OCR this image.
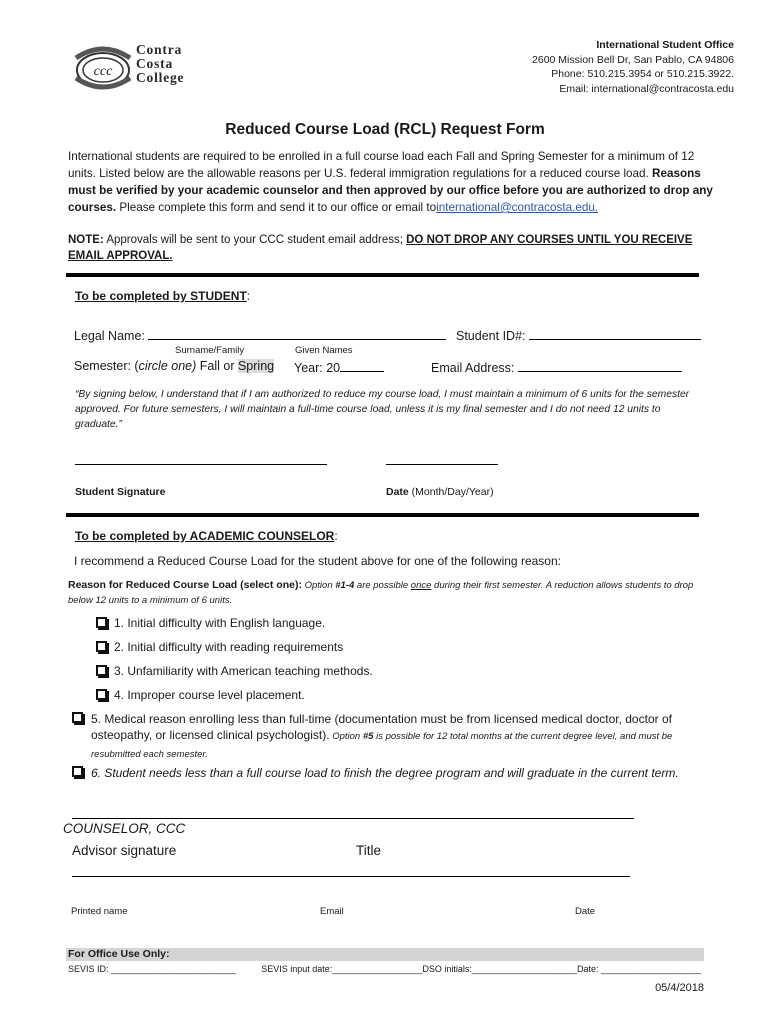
ccc
Contra
Costa
College
International Student Office
2600 Mission Bell Dr, San Pablo, CA 94806
Phone: 510.215.3954 or 510.215.3922.
Email: international@contracosta.edu
Reduced Course Load (RCL) Request Form
International students are required to be enrolled in a full course load each Fall and Spring Semester for a minimum of 12 units. Listed below are the allowable reasons per U.S. federal immigration regulations for a reduced course load. Reasons must be verified by your academic counselor and then approved by our office before you are authorized to drop any courses. Please complete this form and send it to our office or email tointernational@contracosta.edu.
NOTE: Approvals will be sent to your CCC student email address; DO NOT DROP ANY COURSES UNTIL YOU RECEIVE EMAIL APPROVAL.
To be completed by STUDENT:
Legal Name:	Student ID#:
Surname/Family	Given Names
Semester: (circle one) Fall or Spring Year: 20	Email Address:
“By signing below, I understand that if I am authorized to reduce my course load, I must maintain a minimum of 6 units for the semester approved. For future semesters, I will maintain a full-time course load, unless it is my final semester and I do not need 12 units to graduate.”
Student Signature	Date (Month/Day/Year)
To be completed by ACADEMIC COUNSELOR:
I recommend a Reduced Course Load for the student above for one of the following reason:
Reason for Reduced Course Load (select one): Option #1-4 are possible once during their first semester. A reduction allows students to drop below 12 units to a minimum of 6 units.
1. Initial difficulty with English language.
2. Initial difficulty with reading requirements
3. Unfamiliarity with American teaching methods.
4. Improper course level placement.
5. Medical reason enrolling less than full-time (documentation must be from licensed medical doctor, doctor of osteopathy, or licensed clinical psychologist). Option #5 is possible for 12 total months at the current degree level, and must be resubmitted each semester.
6. Student needs less than a full course load to finish the degree program and will graduate in the current term.
COUNSELOR, CCC
Advisor signature	Title
Printed name	Email	Date
For Office Use Only:
SEVIS ID: _________________________	SEVIS input date:__________________DSO initials:_____________________Date: ____________________
05/4/2018
